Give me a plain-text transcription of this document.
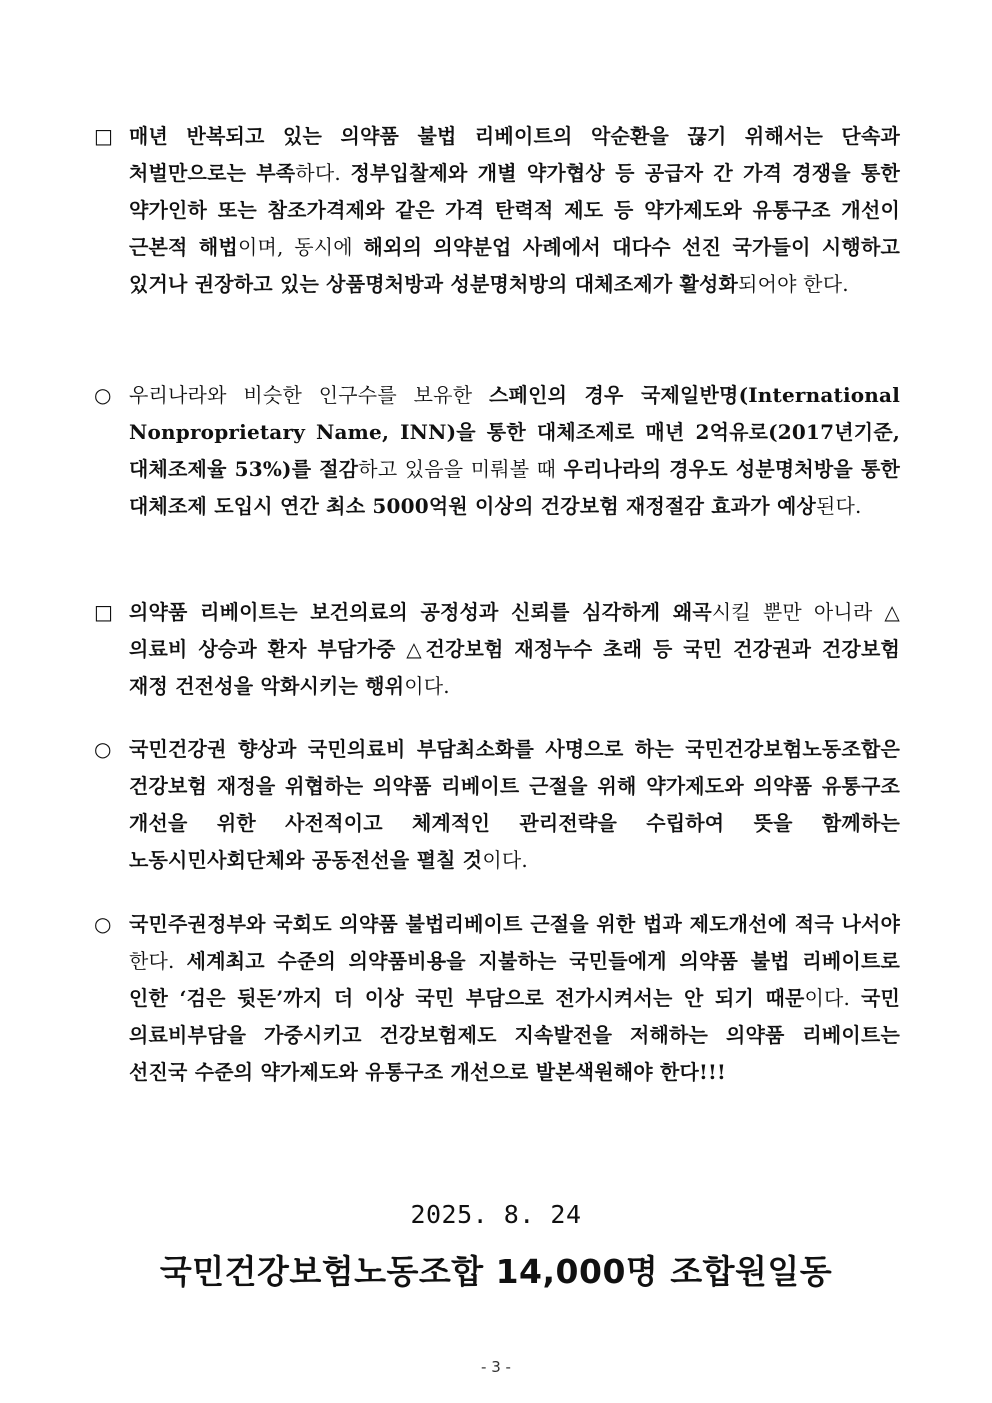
□ 매년 반복되고 있는 의약품 불법 리베이트의 악순환을 끊기 위해서는 단속과 처벌만으로는 부족하다. 정부입찰제와 개별 약가협상 등 공급자 간 가격 경쟁을 통한 약가인하 또는 참조가격제와 같은 가격 탄력적 제도 등 약가제도와 유통구조 개선이 근본적 해법이며, 동시에 해외의 의약분업 사례에서 대다수 선진 국가들이 시행하고 있거나 권장하고 있는 상품명처방과 성분명처방의 대체조제가 활성화되어야 한다.
○ 우리나라와 비슷한 인구수를 보유한 스페인의 경우 국제일반명(International Nonproprietary Name, INN)을 통한 대체조제로 매년 2억유로(2017년기준, 대체조제율 53%)를 절감하고 있음을 미뤄볼 때 우리나라의 경우도 성분명처방을 통한 대체조제 도입시 연간 최소 5000억원 이상의 건강보험 재정절감 효과가 예상된다.
□ 의약품 리베이트는 보건의료의 공정성과 신뢰를 심각하게 왜곡시킬 뿐만 아니라 △의료비 상승과 환자 부담가중 △건강보험 재정누수 초래 등 국민 건강권과 건강보험 재정 건전성을 악화시키는 행위이다.
○ 국민건강권 향상과 국민의료비 부담최소화를 사명으로 하는 국민건강보험노동조합은 건강보험 재정을 위협하는 의약품 리베이트 근절을 위해 약가제도와 의약품 유통구조 개선을 위한 사전적이고 체계적인 관리전략을 수립하여 뜻을 함께하는 노동시민사회단체와 공동전선을 펼칠 것이다.
○ 국민주권정부와 국회도 의약품 불법리베이트 근절을 위한 법과 제도개선에 적극 나서야 한다. 세계최고 수준의 의약품비용을 지불하는 국민들에게 의약품 불법 리베이트로 인한 ‘검은 뒷돈’까지 더 이상 국민 부담으로 전가시켜서는 안 되기 때문이다. 국민 의료비부담을 가중시키고 건강보험제도 지속발전을 저해하는 의약품 리베이트는 선진국 수준의 약가제도와 유통구조 개선으로 발본색원해야 한다!!!
2025. 8. 24
국민건강보험노동조합 14,000명 조합원일동
- 3 -
